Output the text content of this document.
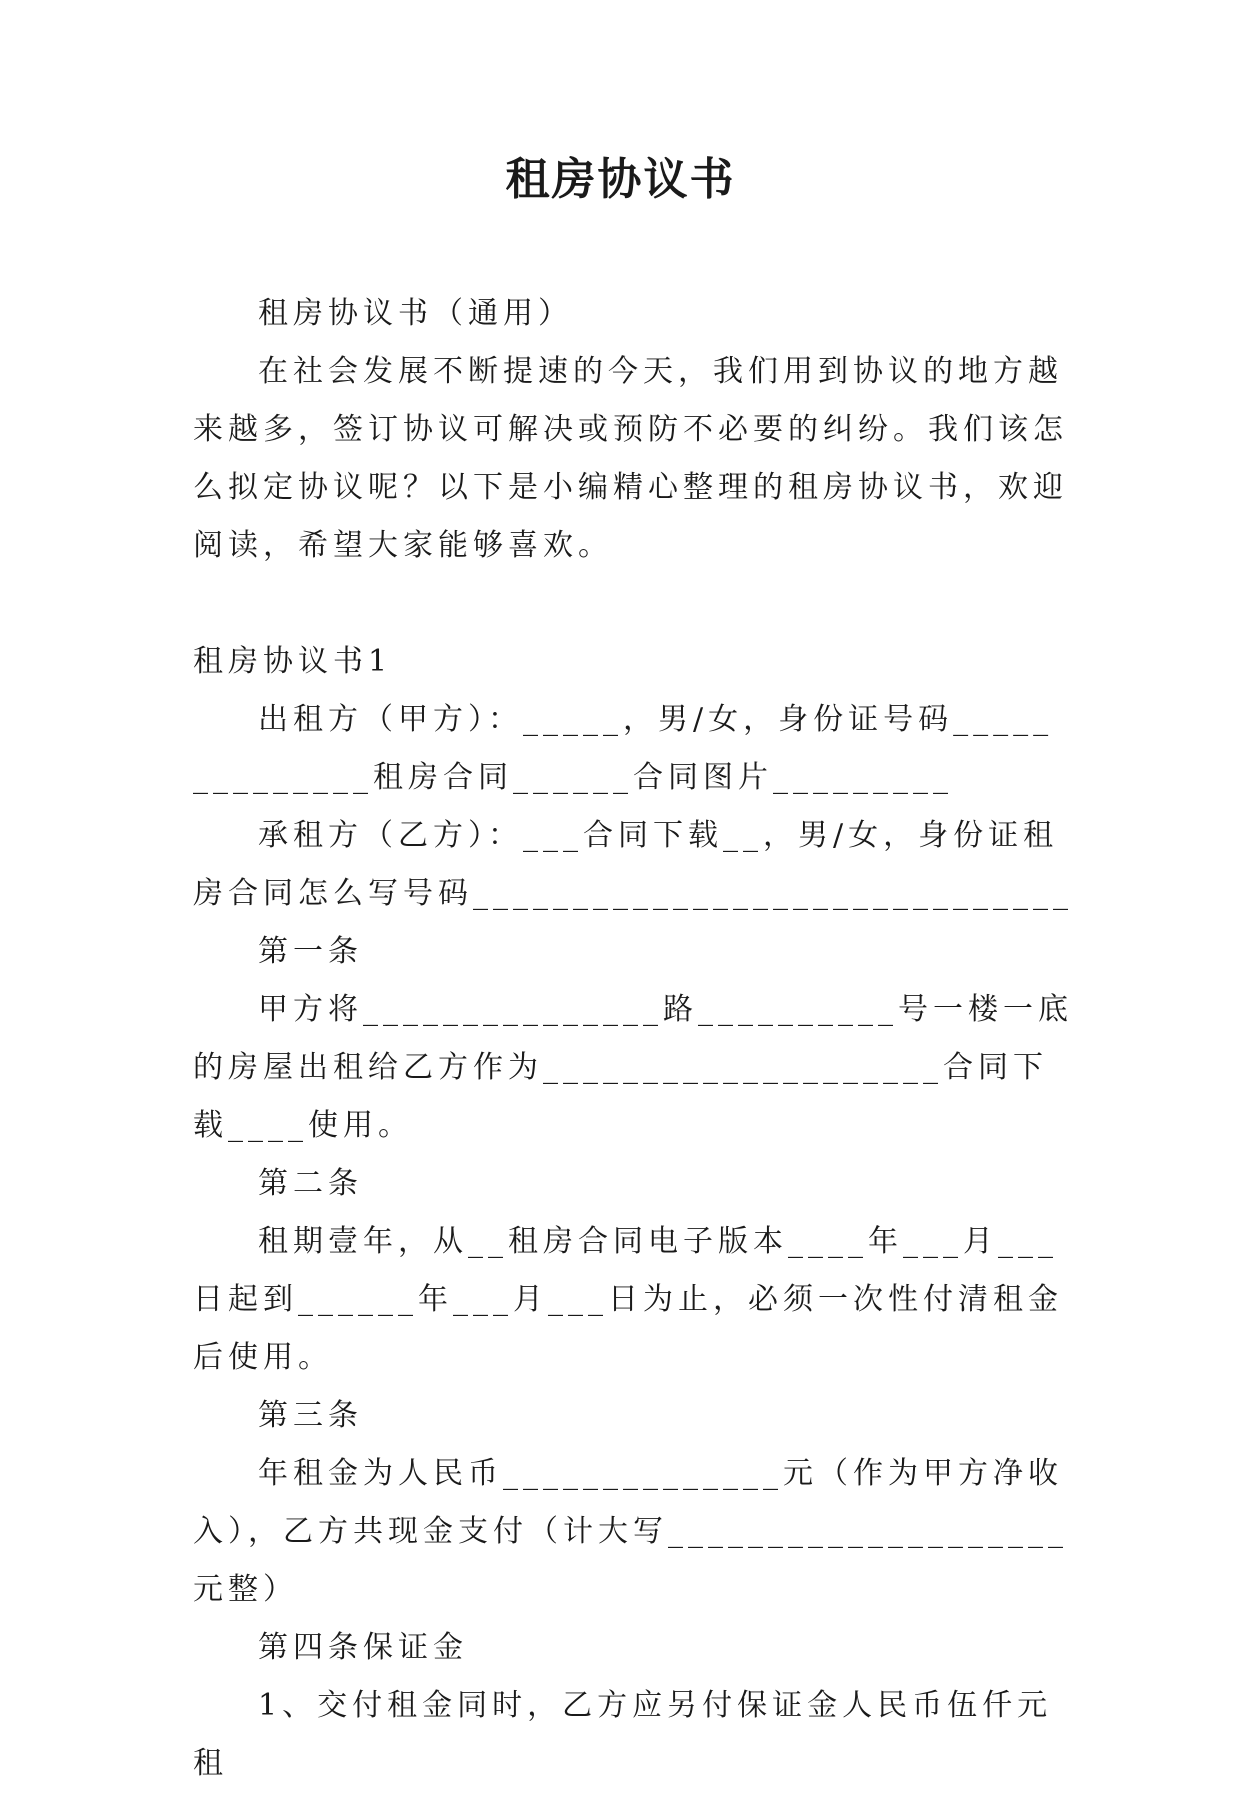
租房协议书

租房协议书（通用）

在社会发展不断提速的今天，我们用到协议的地方越来越多，签订协议可解决或预防不必要的纠纷。我们该怎么拟定协议呢？以下是小编精心整理的租房协议书，欢迎阅读，希望大家能够喜欢。

租房协议书1

出租方（甲方）：_____，男/女，身份证号码______________租房合同______合同图片_________

承租方（乙方）：___合同下载__，男/女，身份证租房合同怎么写号码______________________________

第一条

甲方将_______________路__________号一楼一底的房屋出租给乙方作为____________________合同下载____使用。

第二条

租期壹年，从__租房合同电子版本____年___月___日起到______年___月___日为止，必须一次性付清租金后使用。

第三条

年租金为人民币______________元（作为甲方净收入），乙方共现金支付（计大写____________________元整）

第四条保证金

1、交付租金同时，乙方应另付保证金人民币伍仟元租
